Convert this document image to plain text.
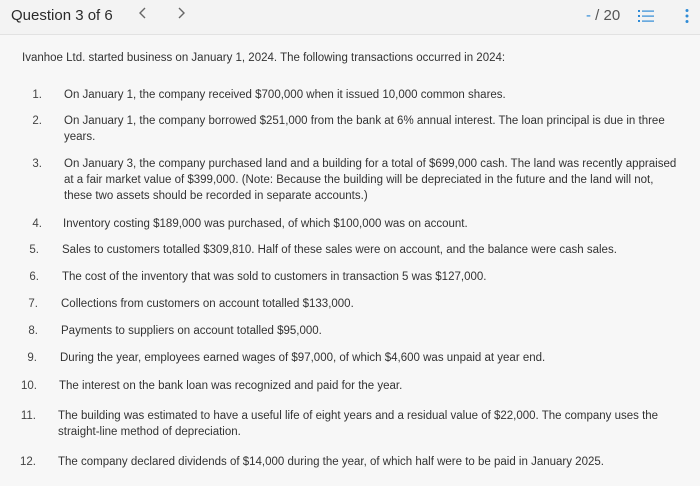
Question 3 of 6	- / 20
Ivanhoe Ltd. started business on January 1, 2024. The following transactions occurred in 2024:
1. On January 1, the company received $700,000 when it issued 10,000 common shares.
2. On January 1, the company borrowed $251,000 from the bank at 6% annual interest. The loan principal is due in three years.
3. On January 3, the company purchased land and a building for a total of $699,000 cash. The land was recently appraised at a fair market value of $399,000. (Note: Because the building will be depreciated in the future and the land will not, these two assets should be recorded in separate accounts.)
4. Inventory costing $189,000 was purchased, of which $100,000 was on account.
5. Sales to customers totalled $309,810. Half of these sales were on account, and the balance were cash sales.
6. The cost of the inventory that was sold to customers in transaction 5 was $127,000.
7. Collections from customers on account totalled $133,000.
8. Payments to suppliers on account totalled $95,000.
9. During the year, employees earned wages of $97,000, of which $4,600 was unpaid at year end.
10. The interest on the bank loan was recognized and paid for the year.
11. The building was estimated to have a useful life of eight years and a residual value of $22,000. The company uses the straight-line method of depreciation.
12. The company declared dividends of $14,000 during the year, of which half were to be paid in January 2025.
